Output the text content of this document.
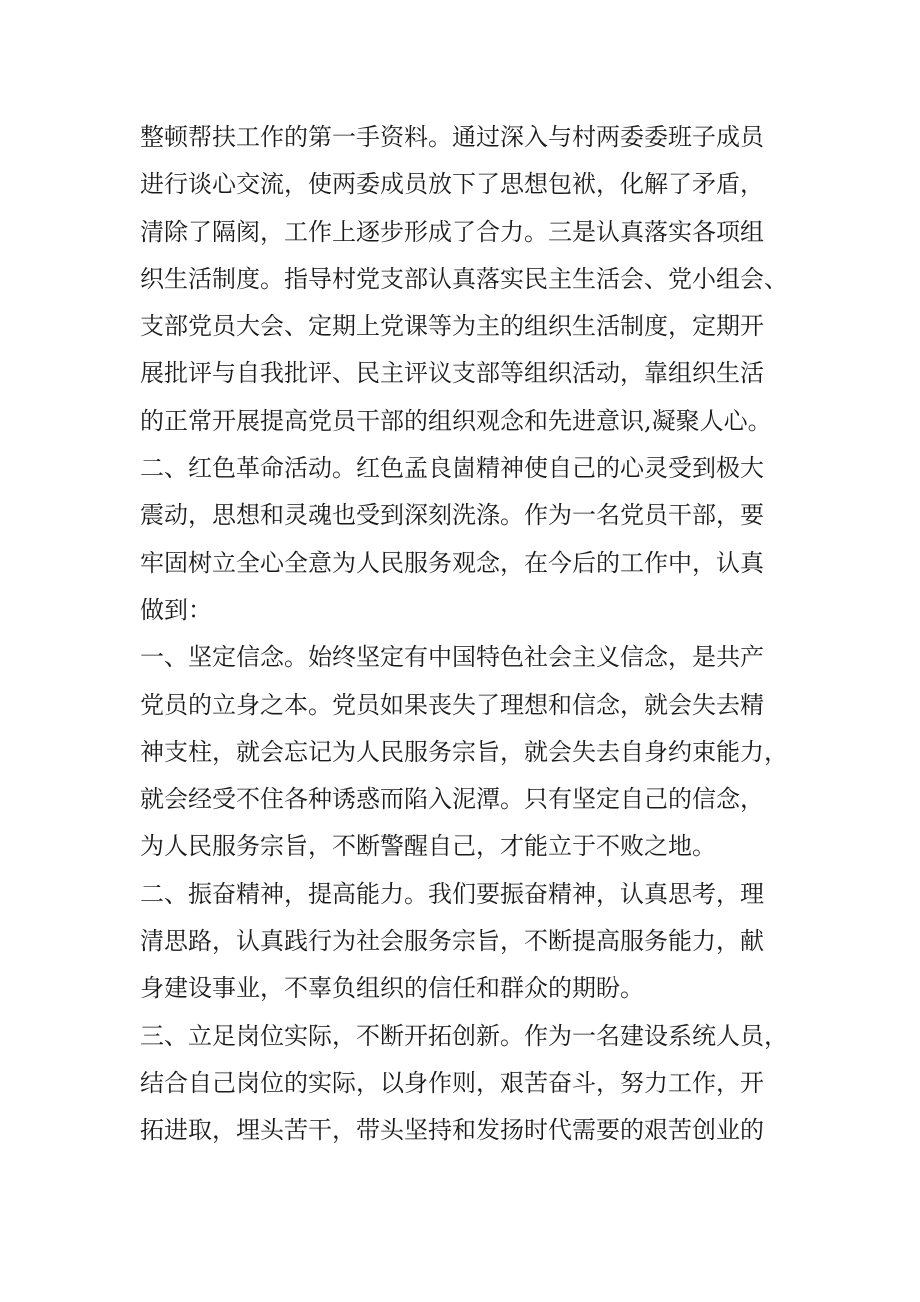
整顿帮扶工作的第一手资料。通过深入与村两委委班子成员
进行谈心交流，使两委成员放下了思想包袱，化解了矛盾，
清除了隔阂，工作上逐步形成了合力。三是认真落实各项组
织生活制度。指导村党支部认真落实民主生活会、党小组会、
支部党员大会、定期上党课等为主的组织生活制度，定期开
展批评与自我批评、民主评议支部等组织活动，靠组织生活
的正常开展提高党员干部的组织观念和先进意识,凝聚人心。
二、红色革命活动。红色孟良崮精神使自己的心灵受到极大
震动，思想和灵魂也受到深刻洗涤。作为一名党员干部，要
牢固树立全心全意为人民服务观念，在今后的工作中，认真
做到：
一、坚定信念。始终坚定有中国特色社会主义信念，是共产
党员的立身之本。党员如果丧失了理想和信念，就会失去精
神支柱，就会忘记为人民服务宗旨，就会失去自身约束能力，
就会经受不住各种诱惑而陷入泥潭。只有坚定自己的信念，
为人民服务宗旨，不断警醒自己，才能立于不败之地。
二、振奋精神，提高能力。我们要振奋精神，认真思考，理
清思路，认真践行为社会服务宗旨，不断提高服务能力，献
身建设事业，不辜负组织的信任和群众的期盼。
三、立足岗位实际，不断开拓创新。作为一名建设系统人员，
结合自己岗位的实际，以身作则，艰苦奋斗，努力工作，开
拓进取，埋头苦干，带头坚持和发扬时代需要的艰苦创业的
